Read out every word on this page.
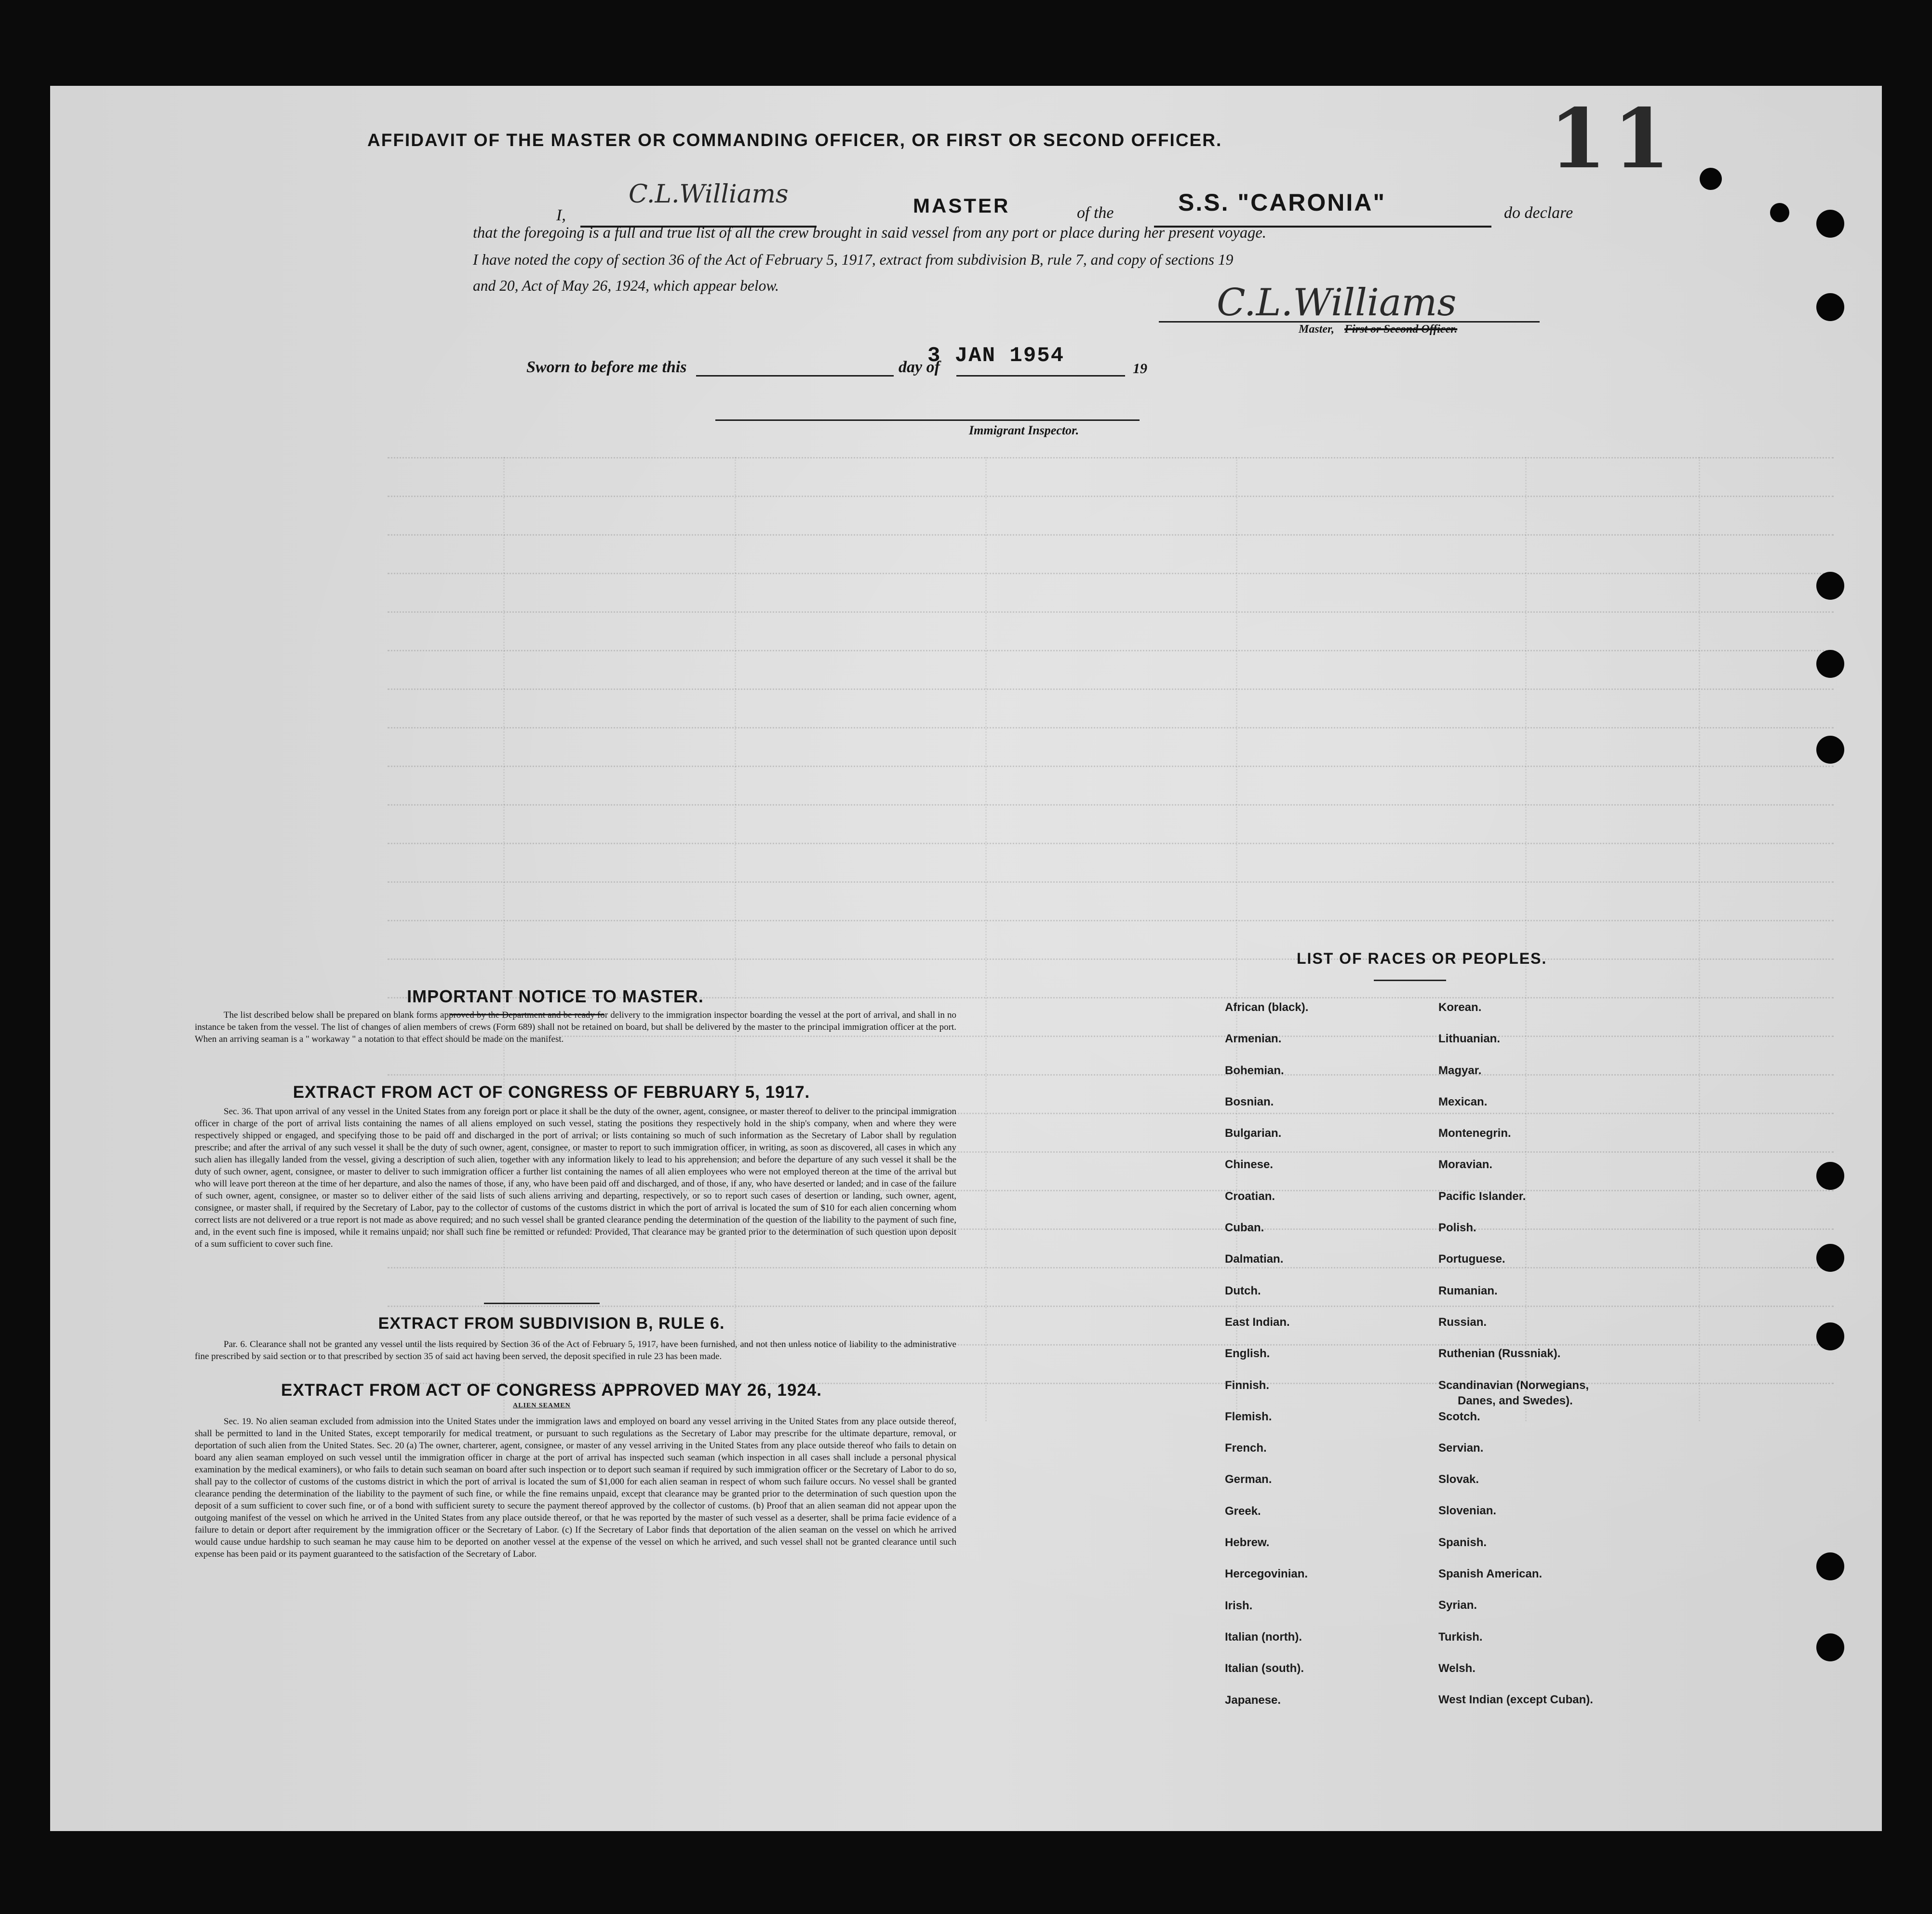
11
AFFIDAVIT OF THE MASTER OR COMMANDING OFFICER, OR FIRST OR SECOND OFFICER.
I,
C.L.Williams	MASTER	of the	S.S. "CARONIA"	do declare
that the foregoing is a full and true list of all the crew brought in said vessel from any port or place during her present voyage.
I have noted the copy of section 36 of the Act of February 5, 1917, extract from subdivision B, rule 7, and copy of sections 19
and 20, Act of May 26, 1924, which appear below.	C.L.Williams
Master, First or Second Officer.
Sworn to before me this	day of
3 JAN 1954
19
Immigrant Inspector.
IMPORTANT NOTICE TO MASTER.
The list described below shall be prepared on blank forms approved by the Department and be ready for delivery to the immigration inspector boarding the vessel at the port of arrival, and shall in no instance be taken from the vessel. The list of changes of alien members of crews (Form 689) shall not be retained on board, but shall be delivered by the master to the principal immigration officer at the port. When an arriving seaman is a " workaway " a notation to that effect should be made on the manifest.
EXTRACT FROM ACT OF CONGRESS OF FEBRUARY 5, 1917.
Sec. 36. That upon arrival of any vessel in the United States from any foreign port or place it shall be the duty of the owner, agent, consignee, or master thereof to deliver to the principal immigration officer in charge of the port of arrival lists containing the names of all aliens employed on such vessel, stating the positions they respectively hold in the ship's company, when and where they were respectively shipped or engaged, and specifying those to be paid off and discharged in the port of arrival; or lists containing so much of such information as the Secretary of Labor shall by regulation prescribe; and after the arrival of any such vessel it shall be the duty of such owner, agent, consignee, or master to report to such immigration officer, in writing, as soon as discovered, all cases in which any such alien has illegally landed from the vessel, giving a description of such alien, together with any information likely to lead to his apprehension; and before the departure of any such vessel it shall be the duty of such owner, agent, consignee, or master to deliver to such immigration officer a further list containing the names of all alien employees who were not employed thereon at the time of the arrival but who will leave port thereon at the time of her departure, and also the names of those, if any, who have been paid off and discharged, and of those, if any, who have deserted or landed; and in case of the failure of such owner, agent, consignee, or master so to deliver either of the said lists of such aliens arriving and departing, respectively, or so to report such cases of desertion or landing, such owner, agent, consignee, or master shall, if required by the Secretary of Labor, pay to the collector of customs of the customs district in which the port of arrival is located the sum of $10 for each alien concerning whom correct lists are not delivered or a true report is not made as above required; and no such vessel shall be granted clearance pending the determination of the question of the liability to the payment of such fine, and, in the event such fine is imposed, while it remains unpaid; nor shall such fine be remitted or refunded: Provided, That clearance may be granted prior to the determination of such question upon deposit of a sum sufficient to cover such fine.
EXTRACT FROM SUBDIVISION B, RULE 6.
Par. 6. Clearance shall not be granted any vessel until the lists required by Section 36 of the Act of February 5, 1917, have been furnished, and not then unless notice of liability to the administrative fine prescribed by said section or to that prescribed by section 35 of said act having been served, the deposit specified in rule 23 has been made.
EXTRACT FROM ACT OF CONGRESS APPROVED MAY 26, 1924.
ALIEN SEAMEN
Sec. 19. No alien seaman excluded from admission into the United States under the immigration laws and employed on board any vessel arriving in the United States from any place outside thereof, shall be permitted to land in the United States, except temporarily for medical treatment, or pursuant to such regulations as the Secretary of Labor may prescribe for the ultimate departure, removal, or deportation of such alien from the United States. Sec. 20 (a) The owner, charterer, agent, consignee, or master of any vessel arriving in the United States from any place outside thereof who fails to detain on board any alien seaman employed on such vessel until the immigration officer in charge at the port of arrival has inspected such seaman (which inspection in all cases shall include a personal physical examination by the medical examiners), or who fails to detain such seaman on board after such inspection or to deport such seaman if required by such immigration officer or the Secretary of Labor to do so, shall pay to the collector of customs of the customs district in which the port of arrival is located the sum of $1,000 for each alien seaman in respect of whom such failure occurs. No vessel shall be granted clearance pending the determination of the liability to the payment of such fine, or while the fine remains unpaid, except that clearance may be granted prior to the determination of such question upon the deposit of a sum sufficient to cover such fine, or of a bond with sufficient surety to secure the payment thereof approved by the collector of customs. (b) Proof that an alien seaman did not appear upon the outgoing manifest of the vessel on which he arrived in the United States from any place outside thereof, or that he was reported by the master of such vessel as a deserter, shall be prima facie evidence of a failure to detain or deport after requirement by the immigration officer or the Secretary of Labor. (c) If the Secretary of Labor finds that deportation of the alien seaman on the vessel on which he arrived would cause undue hardship to such seaman he may cause him to be deported on another vessel at the expense of the vessel on which he arrived, and such vessel shall not be granted clearance until such expense has been paid or its payment guaranteed to the satisfaction of the Secretary of Labor.
LIST OF RACES OR PEOPLES.
African (black).
Armenian.
Bohemian.
Bosnian.
Bulgarian.
Chinese.
Croatian.
Cuban.
Dalmatian.
Dutch.
East Indian.
English.
Finnish.
Flemish.
French.
German.
Greek.
Hebrew.
Hercegovinian.
Irish.
Italian (north).
Italian (south).
Japanese.
Korean.
Lithuanian.
Magyar.
Mexican.
Montenegrin.
Moravian.
Pacific Islander.
Polish.
Portuguese.
Rumanian.
Russian.
Ruthenian (Russniak).
Scandinavian (Norwegians,
Danes, and Swedes).
Scotch.
Servian.
Slovak.
Slovenian.
Spanish.
Spanish American.
Syrian.
Turkish.
Welsh.
West Indian (except Cuban).
